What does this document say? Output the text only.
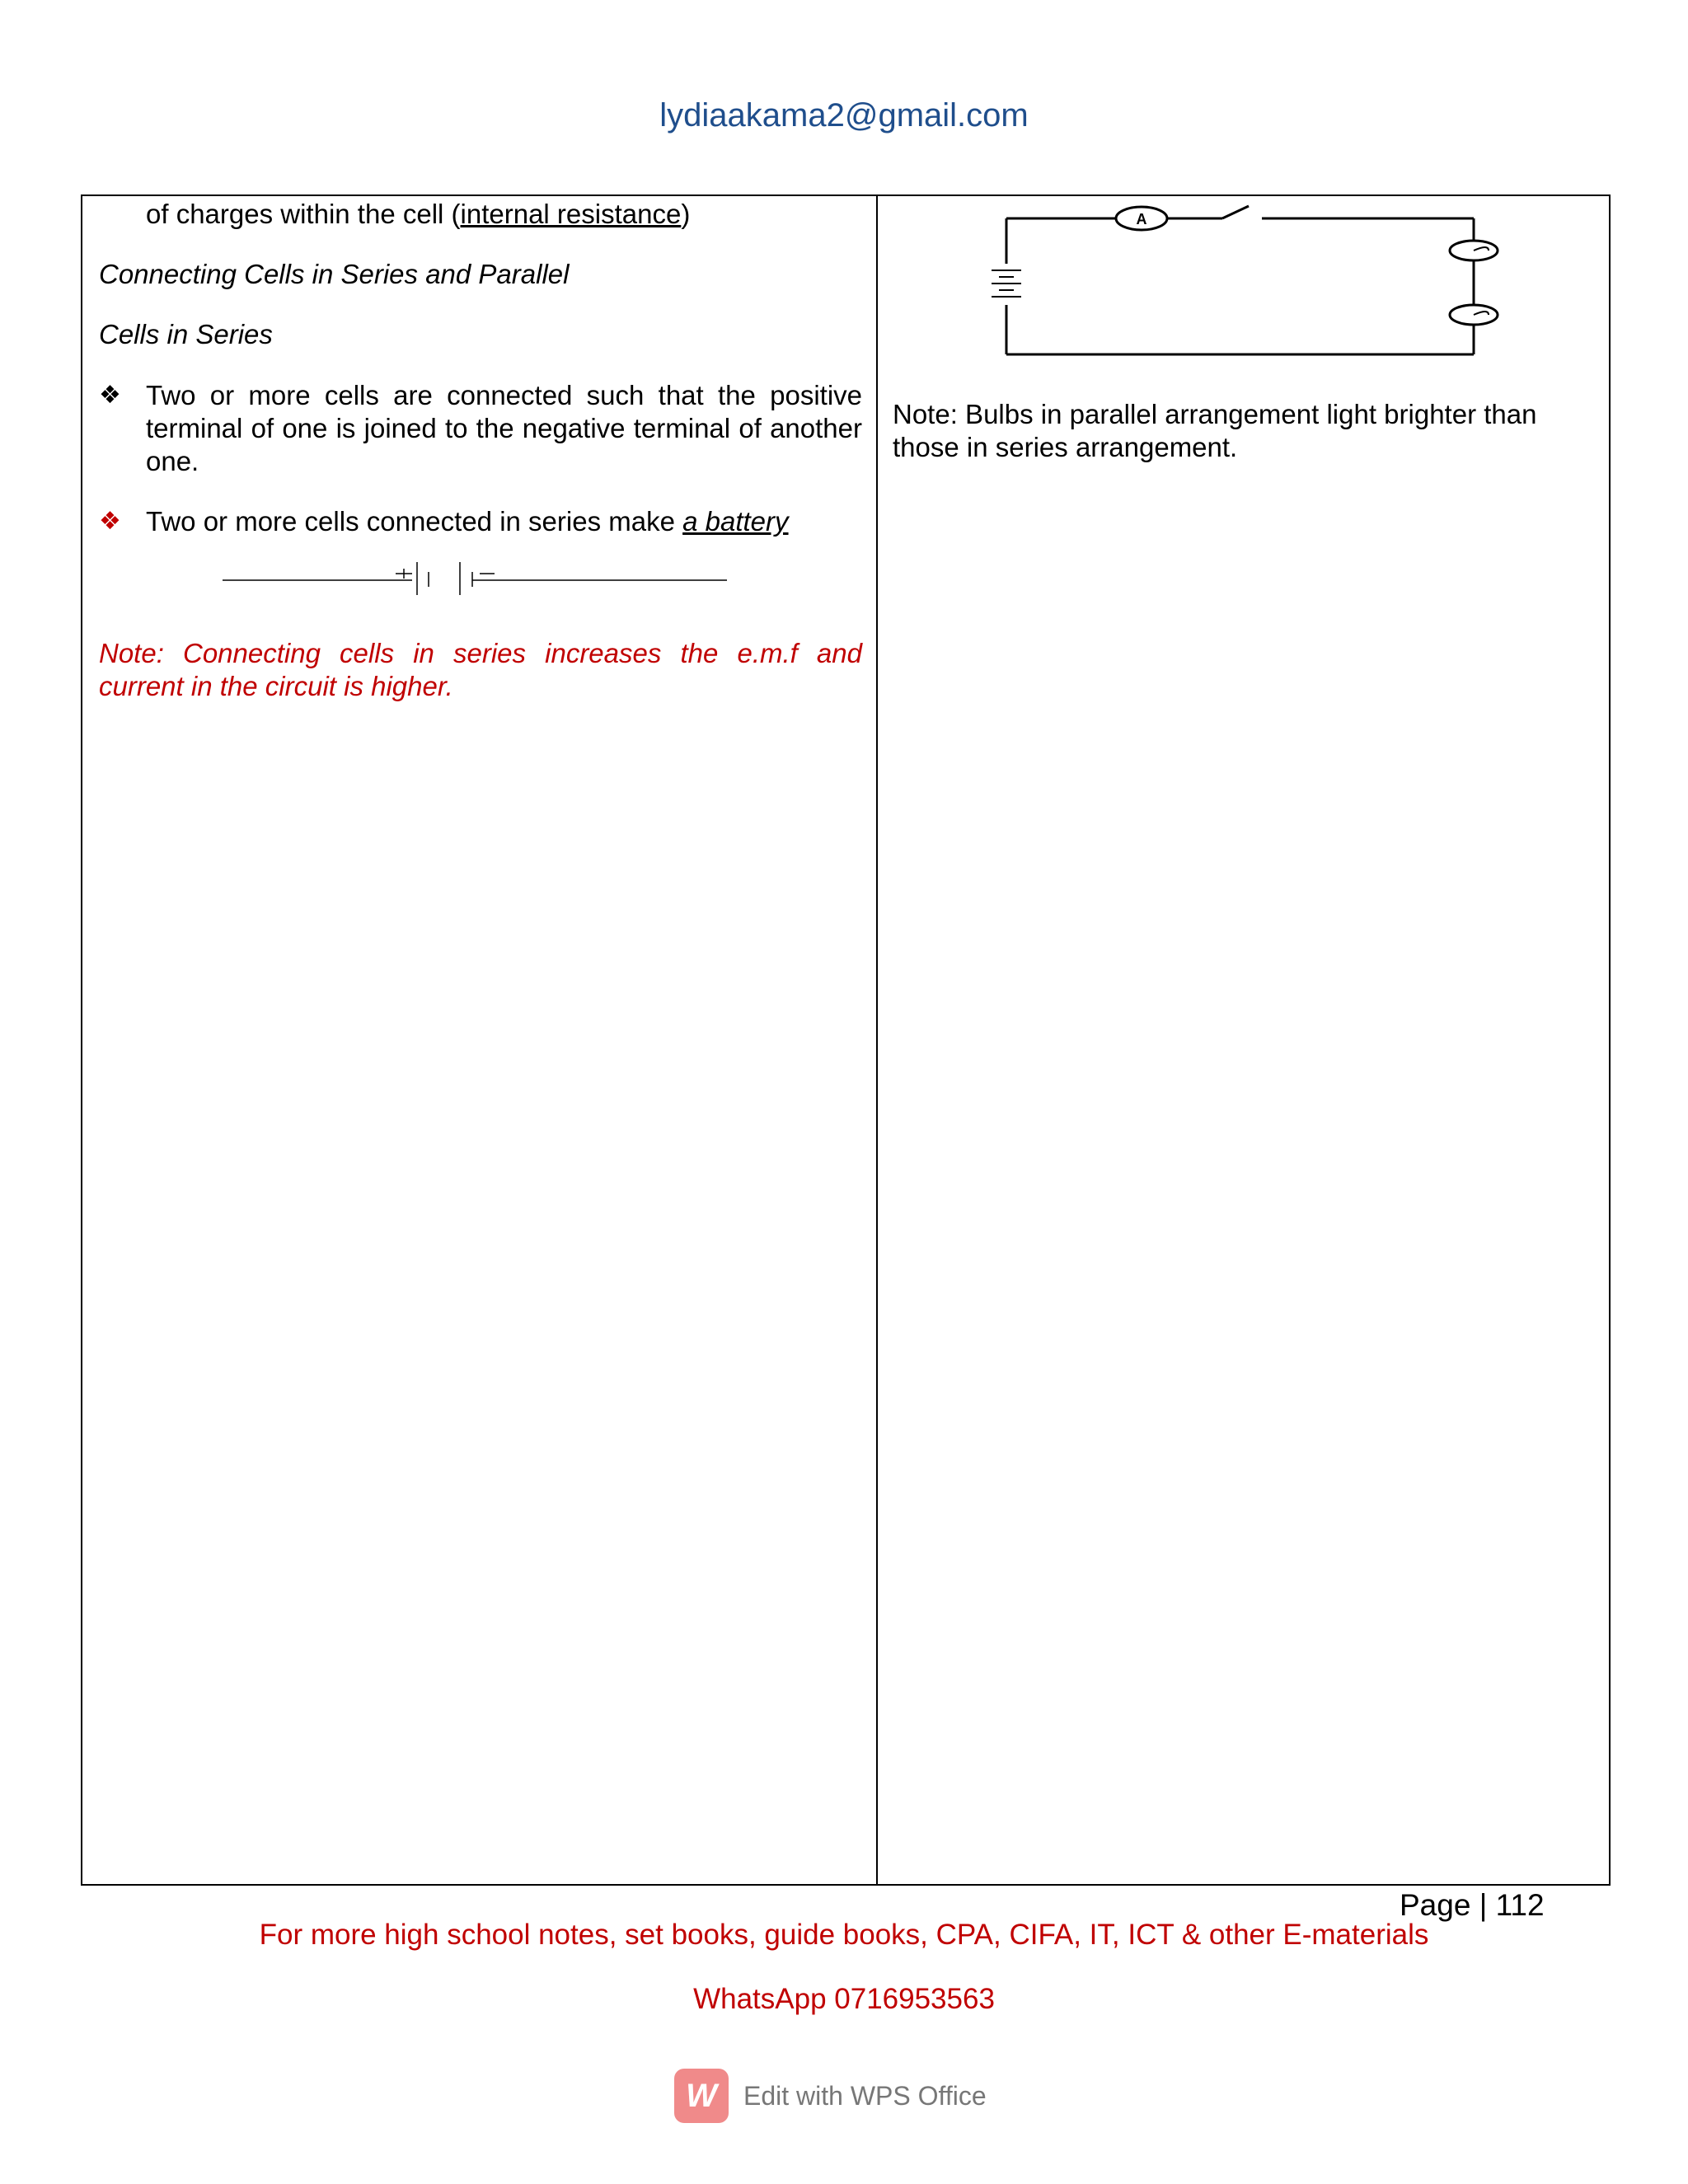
lydiaakama2@gmail.com
of charges within the cell (internal resistance)
Connecting Cells in Series and Parallel
Cells in Series
❖ Two or more cells are connected such that the positive terminal of one is joined to the negative terminal of another one.
❖ Two or more cells connected in series make a battery
Note: Connecting cells in series increases the e.m.f and current in the circuit is higher.
A
Note: Bulbs in parallel arrangement light brighter than those in series arrangement.
Page | 112
For more high school notes, set books, guide books, CPA, CIFA, IT, ICT & other E-materials
WhatsApp 0716953563
W	Edit with WPS Office
